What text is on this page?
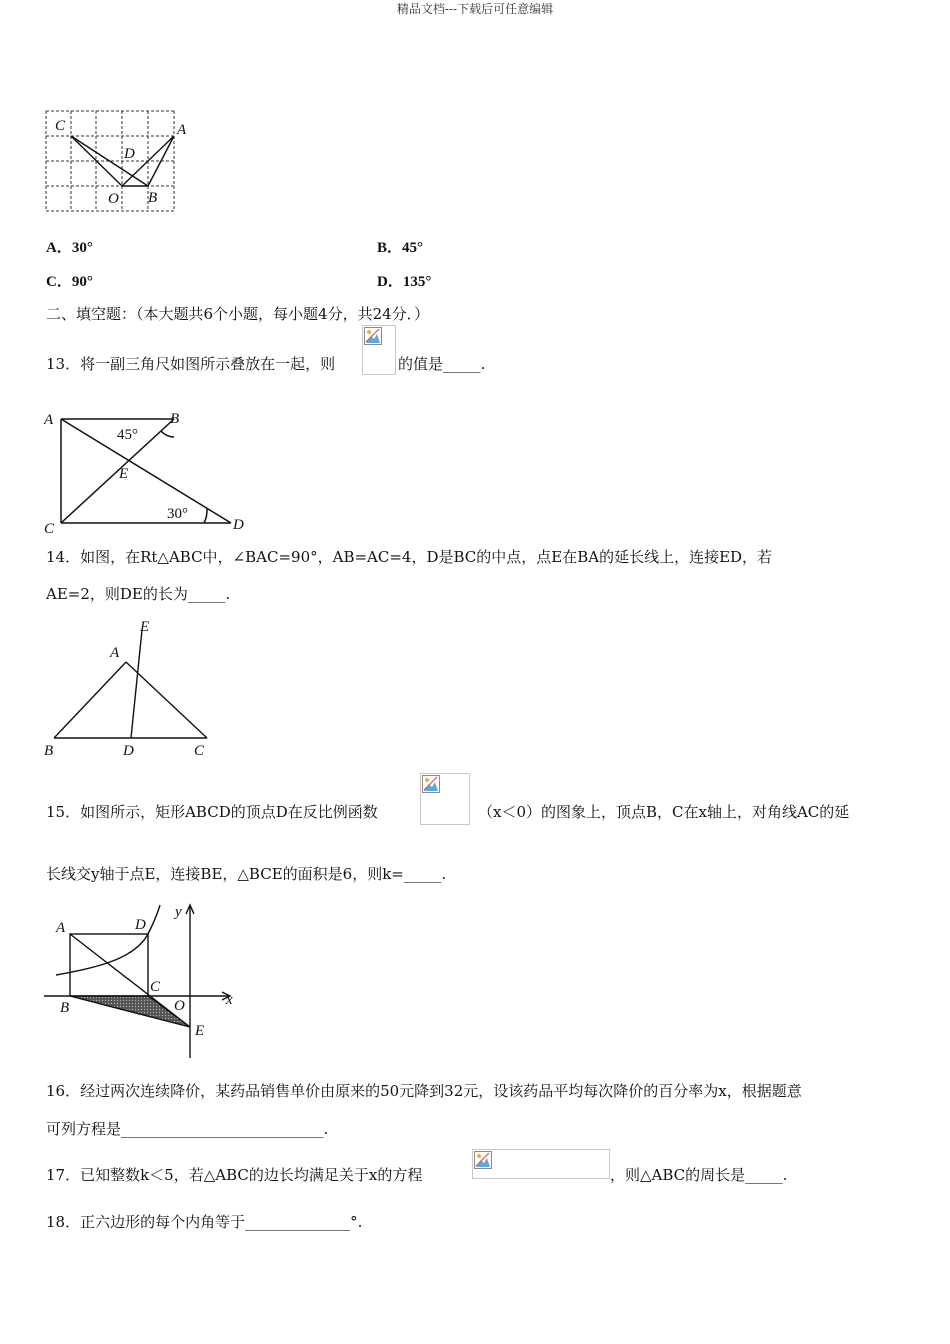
精品文档---下载后可任意编辑
C	A
D
O B
A．30°	B．45°
C．90°	D．135°
二、填空题：（本大题共6个小题，每小题4分，共24分．）
13．将一副三角尺如图所示叠放在一起，则	的值是_____.
A	B
C	D
E
45°
30°
14．如图，在Rt△ABC中，∠BAC=90°，AB=AC=4，D是BC的中点，点E在BA的延长线上，连接ED，若
AE=2，则DE的长为_____.
E
A
B	D	C
15．如图所示，矩形ABCD的顶点D在反比例函数	（x＜0）的图象上，顶点B，C在x轴上，对角线AC的延
长线交y轴于点E，连接BE，△BCE的面积是6，则k=_____.
A	D
B
C
O
E
x
y
16．经过两次连续降价，某药品销售单价由原来的50元降到32元，设该药品平均每次降价的百分率为x，根据题意
可列方程是___________________________.
17．已知整数k＜5，若△ABC的边长均满足关于x的方程	，则△ABC的周长是_____.
18．正六边形的每个内角等于______________°.
